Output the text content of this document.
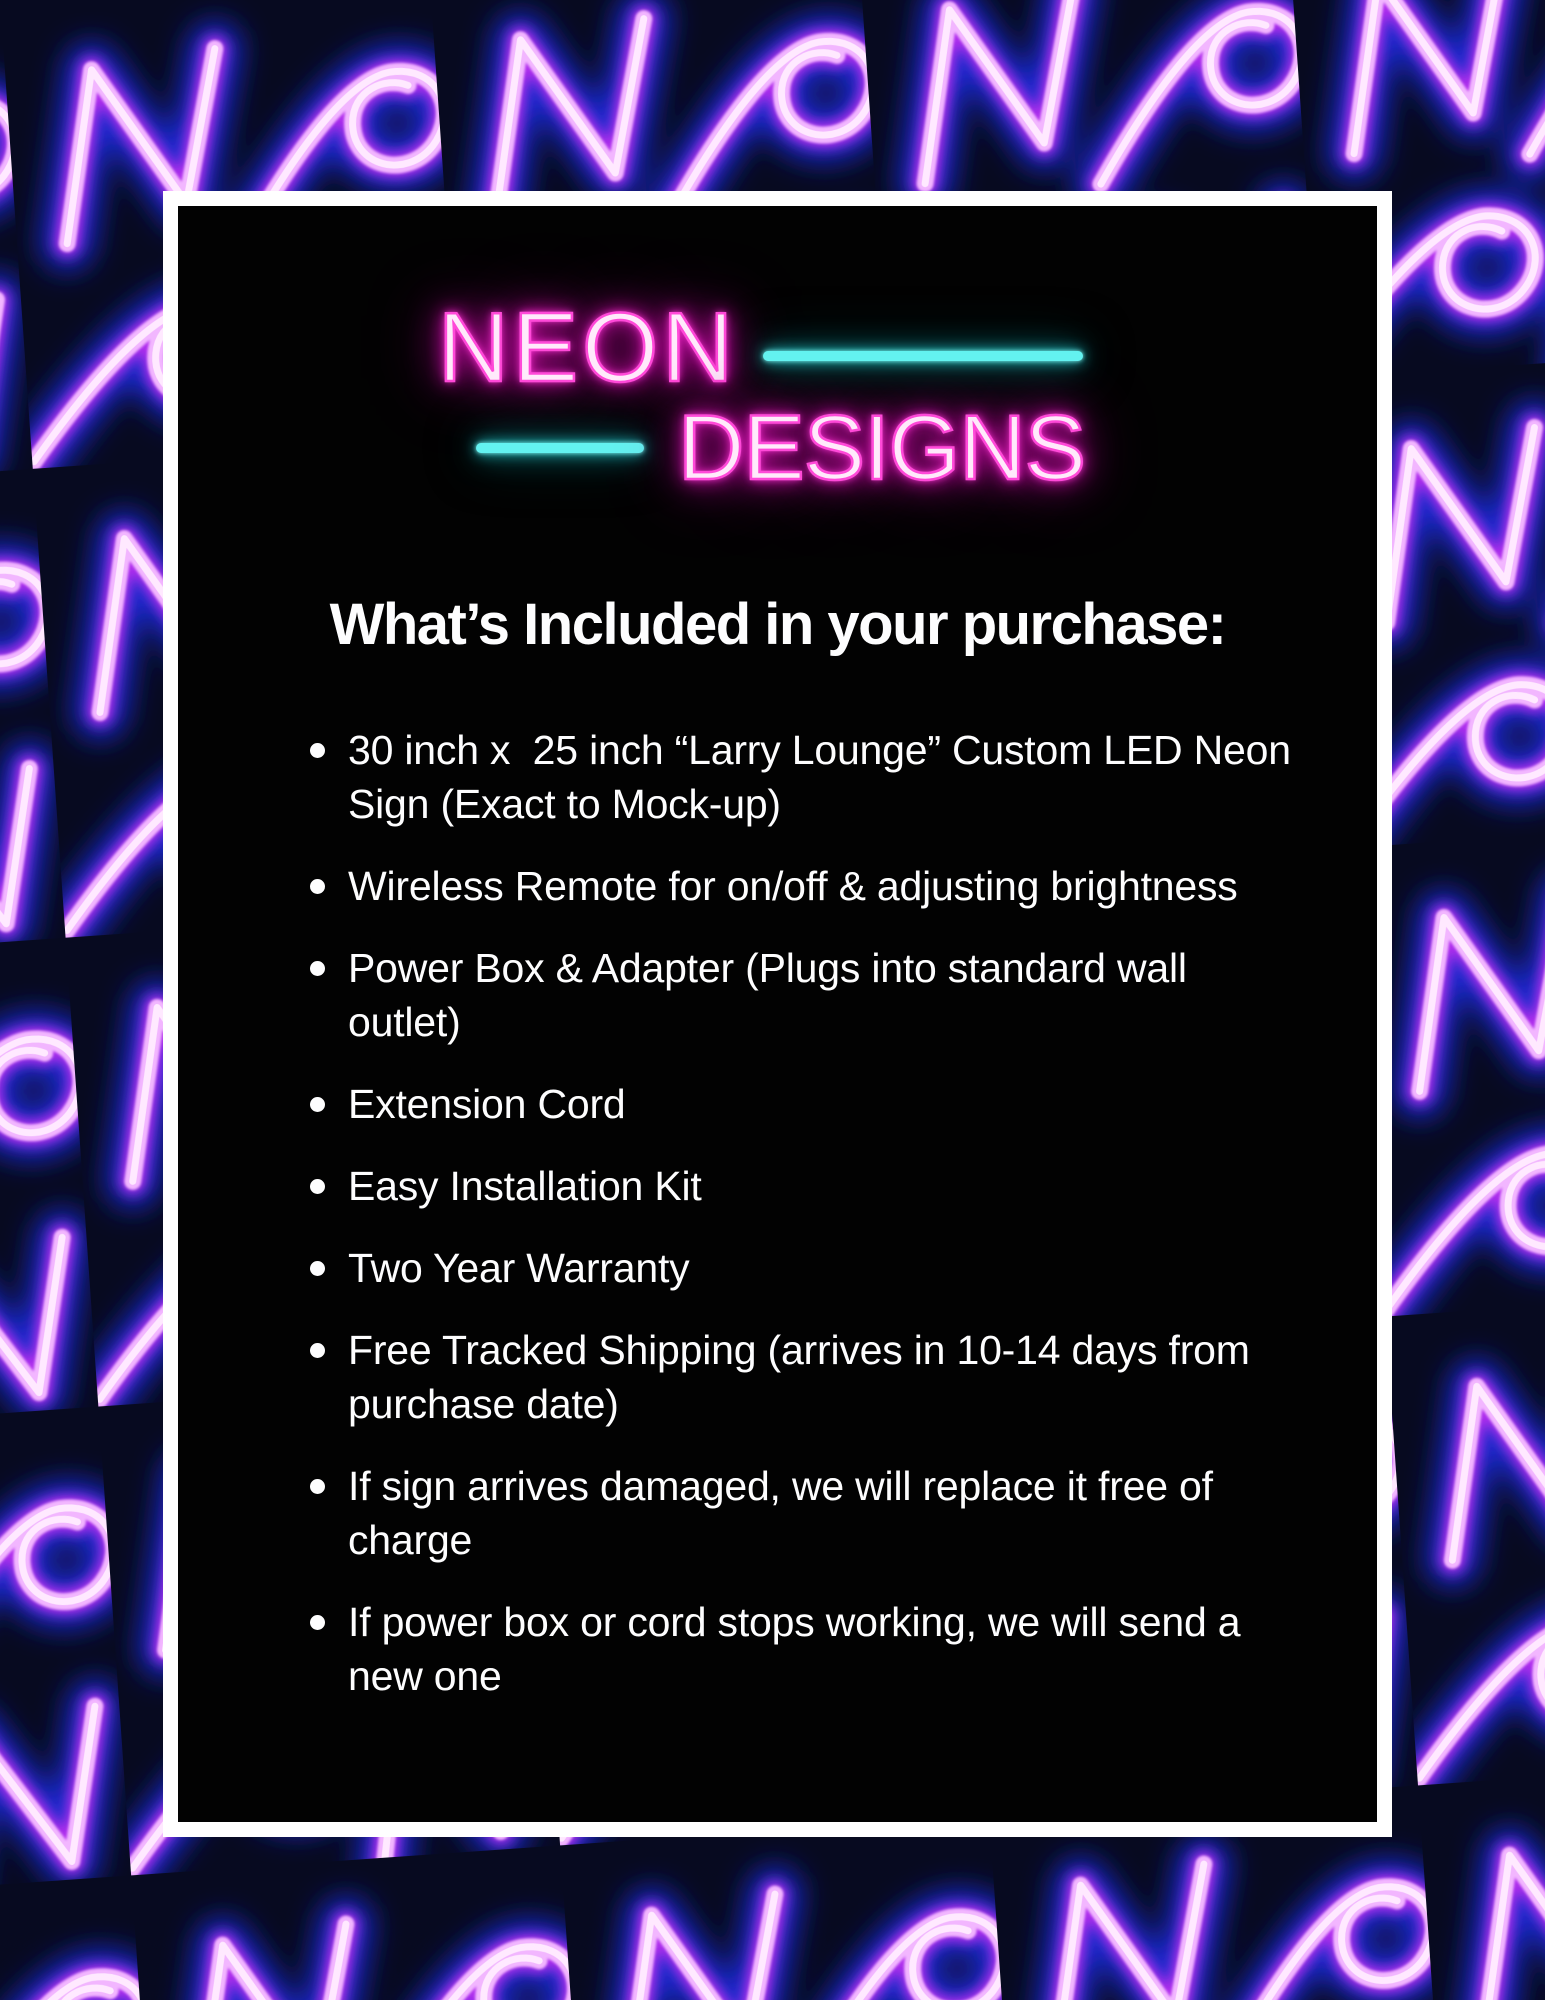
NEON
DESIGNS
What’s Included in your purchase:
30 inch x  25 inch “Larry Lounge” Custom LED Neon Sign (Exact to Mock-up)
Wireless Remote for on/off & adjusting brightness
Power Box & Adapter (Plugs into standard wall outlet)
Extension Cord
Easy Installation Kit
Two Year Warranty
Free Tracked Shipping (arrives in 10-14 days from purchase date)
If sign arrives damaged, we will replace it free of charge
If power box or cord stops working, we will send a new one
